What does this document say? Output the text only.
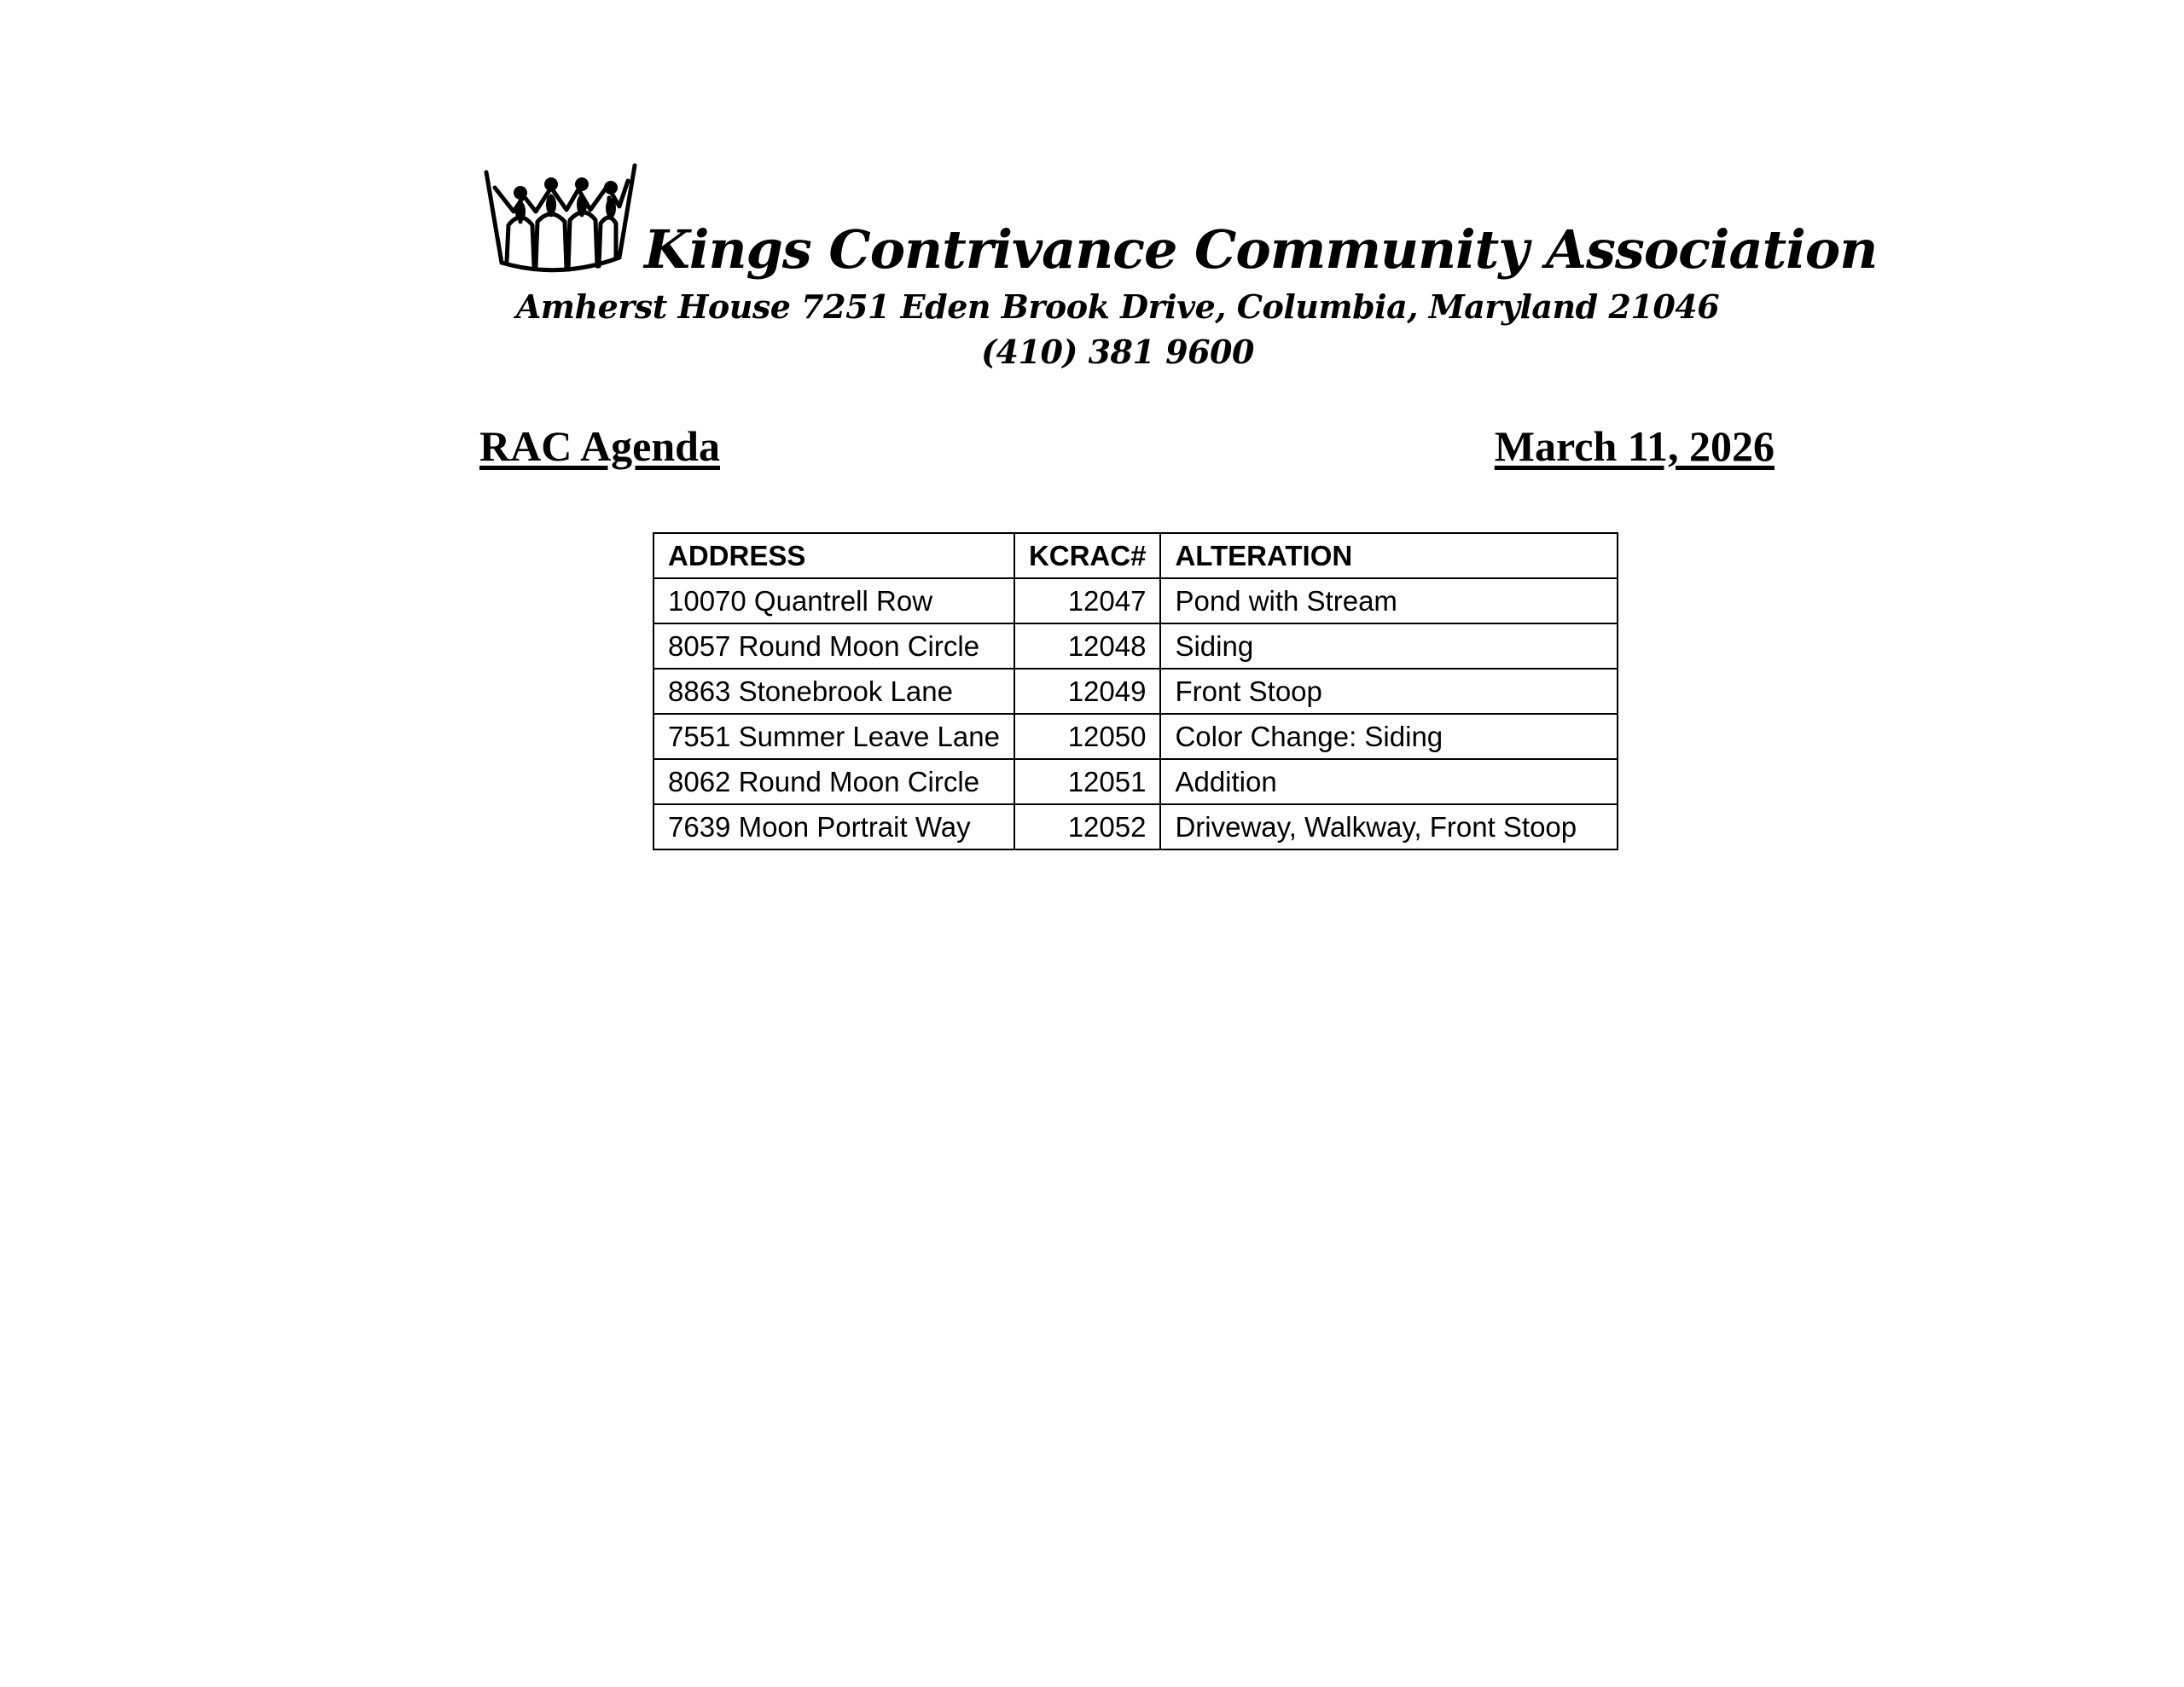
Kings Contrivance Community Association
Amherst House 7251 Eden Brook Drive, Columbia, Maryland 21046
(410) 381 9600
RAC Agenda	March 11, 2026
ADDRESS	KCRAC#	ALTERATION
10070 Quantrell Row	12047	Pond with Stream
8057 Round Moon Circle	12048	Siding
8863 Stonebrook Lane	12049	Front Stoop
7551 Summer Leave Lane	12050	Color Change: Siding
8062 Round Moon Circle	12051	Addition
7639 Moon Portrait Way	12052	Driveway, Walkway, Front Stoop
